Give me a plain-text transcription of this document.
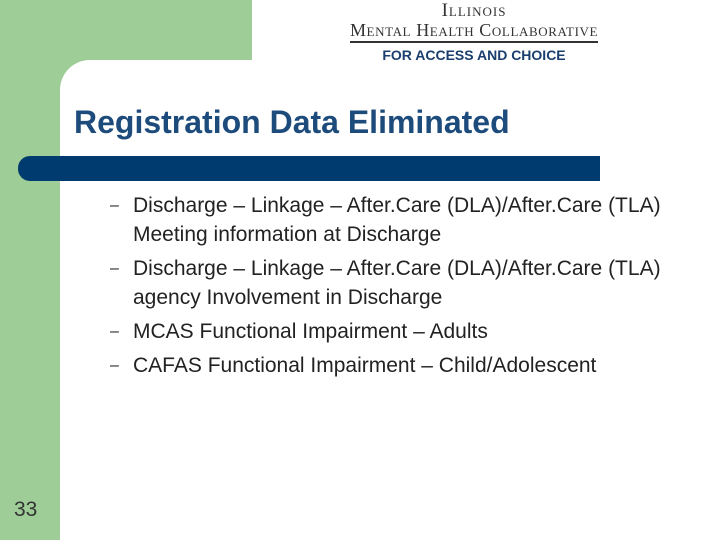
Illinois
Mental Health Collaborative
FOR ACCESS AND CHOICE
Registration Data Eliminated
– Discharge – Linkage – After.Care (DLA)/After.Care (TLA) Meeting information at Discharge
– Discharge – Linkage – After.Care (DLA)/After.Care (TLA) agency Involvement in Discharge
– MCAS Functional Impairment – Adults
– CAFAS Functional Impairment – Child/Adolescent
33
